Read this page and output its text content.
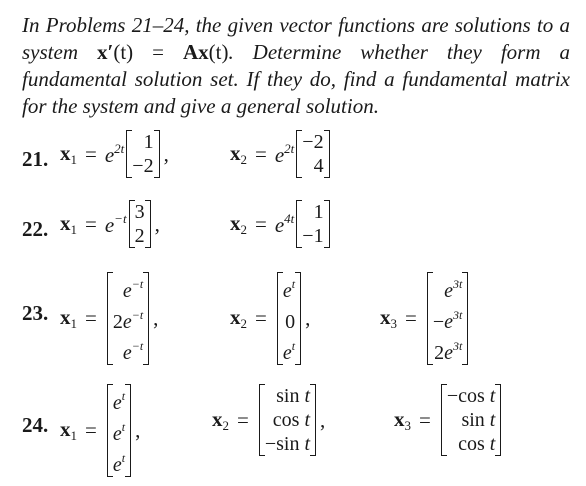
In Problems 21–24, the given vector functions are solutions to a system x′(t) = Ax(t). Determine whether they form a fundamental solution set. If they do, find a fundamental matrix for the system and give a general solution.
21. $x_1 = e^{2t}$ 1
−2
,	$x_2 = e^{2t} -2$
4
22. $x_1 = e^{-t}$ 3
2
,	$x_2 = e^{4t}$ 1
−1
23. $x_1$ =
$e^{-t}$
$2e^{-t}$
$e^{-t}$
,	$x_2$ =
$e^t$
0
$e^t$
,	$x_3$ =
$e^{3t}$
$-e^{3t}$
$2e^{3t}$
24. $x_1$ =
$e^t$
$e^t$
$e^t$
,	$x_2$ =
sin t
cos t
−sin t
,	$x_3$ =
−cos t
sin t
cos t
